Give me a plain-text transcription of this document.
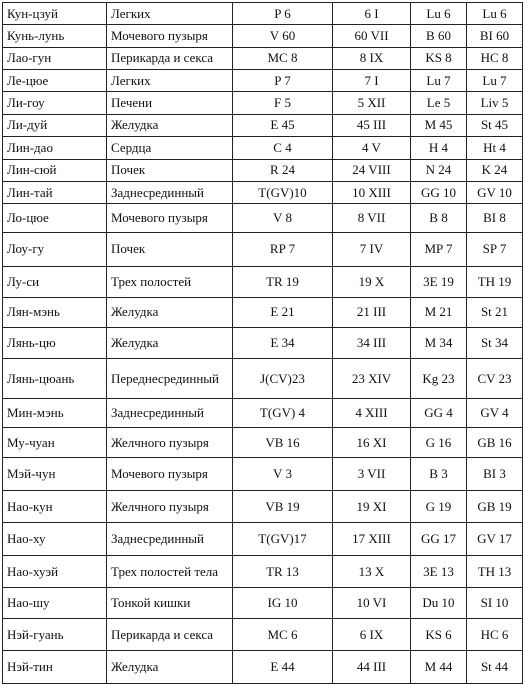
Кун-цзуй	Легких	P 6	6 I	Lu 6	Lu 6
Кунь-лунь	Мочевого пузыря	V 60	60 VII	B 60	BI 60
Лао-гун	Перикарда и секса	MC 8	8 IX	KS 8	HC 8
Ле-цюе	Легких	P 7	7 I	Lu 7	Lu 7
Ли-гоу	Печени	F 5	5 XII	Le 5	Liv 5
Ли-дуй	Желудка	E 45	45 III	M 45	St 45
Лин-дао	Сердца	C 4	4 V	H 4	Ht 4
Лин-сюй	Почек	R 24	24 VIII	N 24	K 24
Лин-тай	Заднесрединный	T(GV)10	10 XIII	GG 10	GV 10
Ло-цюе	Мочевого пузыря	V 8	8 VII	B 8	BI 8
Лоу-гу	Почек	RP 7	7 IV	MP 7	SP 7
Лу-си	Трех полостей	TR 19	19 X	3E 19	TH 19
Лян-мэнь	Желудка	E 21	21 III	M 21	St 21
Лянь-цю	Желудка	E 34	34 III	M 34	St 34
Лянь-цюань	Переднесрединный	J(CV)23	23 XIV	Kg 23	CV 23
Мин-мэнь	Заднесрединный	T(GV) 4	4 XIII	GG 4	GV 4
Му-чуан	Желчного пузыря	VB 16	16 XI	G 16	GB 16
Мэй-чун	Мочевого пузыря	V 3	3 VII	B 3	BI 3
Нао-кун	Желчного пузыря	VB 19	19 XI	G 19	GB 19
Нао-ху	Заднесрединный	T(GV)17	17 XIII	GG 17	GV 17
Нао-хуэй	Трех полостей тела	TR 13	13 X	3E 13	TH 13
Нао-шу	Тонкой кишки	IG 10	10 VI	Du 10	SI 10
Нэй-гуань	Перикарда и секса	MC 6	6 IX	KS 6	HC 6
Нэй-тин	Желудка	E 44	44 III	M 44	St 44
